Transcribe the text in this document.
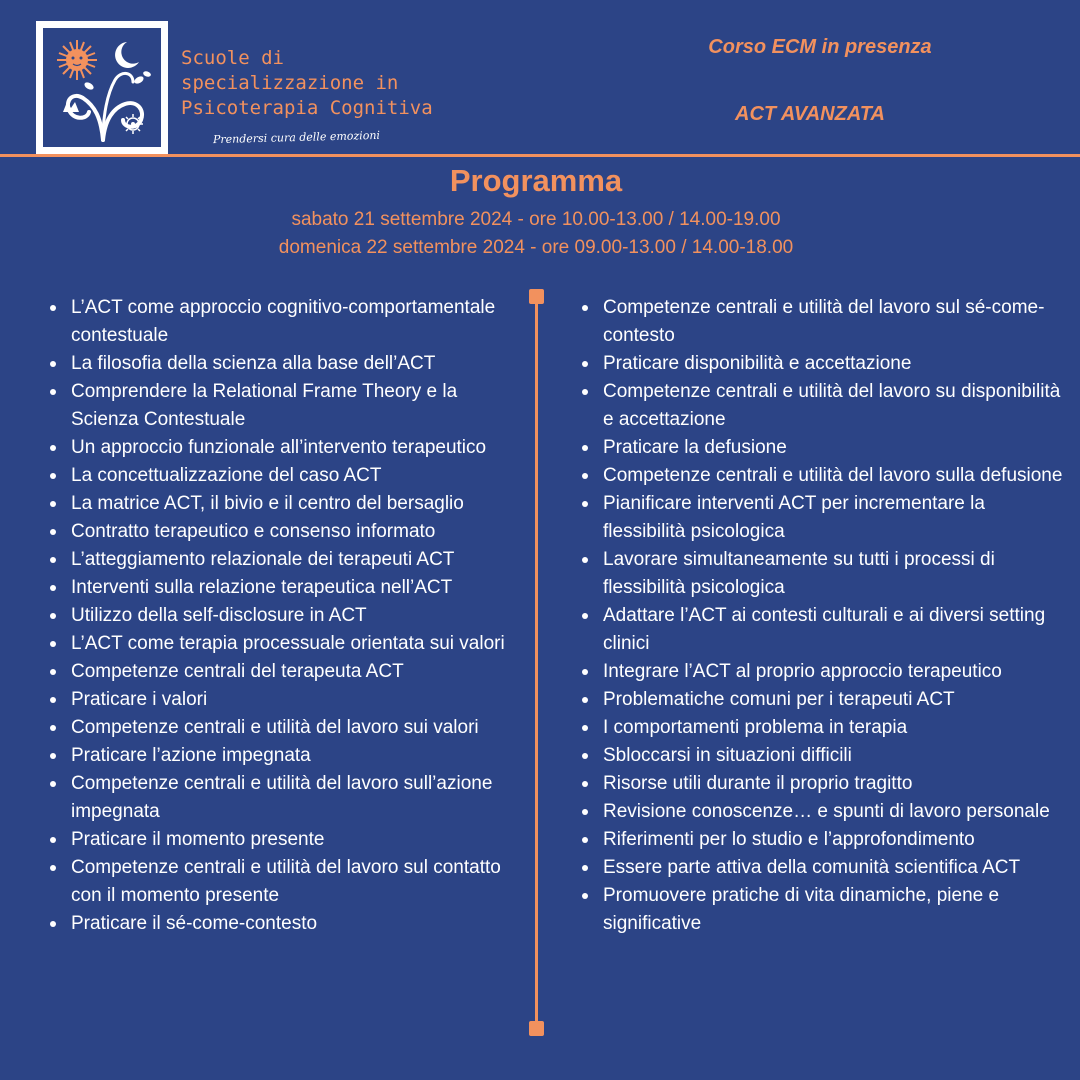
Scuole di
specializzazione in
Psicoterapia Cognitiva
Prendersi cura delle emozioni
Corso ECM in presenza
ACT AVANZATA
Programma
sabato 21 settembre 2024 - ore 10.00-13.00 / 14.00-19.00
domenica 22 settembre 2024 - ore 09.00-13.00 / 14.00-18.00
L’ACT come approccio cognitivo-comportamentale contestuale
La filosofia della scienza alla base dell’ACT
Comprendere la Relational Frame Theory e la Scienza Contestuale
Un approccio funzionale all’intervento terapeutico
La concettualizzazione del caso ACT
La matrice ACT, il bivio e il centro del bersaglio
Contratto terapeutico e consenso informato
L’atteggiamento relazionale dei terapeuti ACT
Interventi sulla relazione terapeutica nell’ACT
Utilizzo della self-disclosure in ACT
L’ACT come terapia processuale orientata sui valori
Competenze centrali del terapeuta ACT
Praticare i valori
Competenze centrali e utilità del lavoro sui valori
Praticare l’azione impegnata
Competenze centrali e utilità del lavoro sull’azione impegnata
Praticare il momento presente
Competenze centrali e utilità del lavoro sul contatto con il momento presente
Praticare il sé-come-contesto
Competenze centrali e utilità del lavoro sul sé-come-contesto
Praticare disponibilità e accettazione
Competenze centrali e utilità del lavoro su disponibilità e accettazione
Praticare la defusione
Competenze centrali e utilità del lavoro sulla defusione
Pianificare interventi ACT per incrementare la flessibilità psicologica
Lavorare simultaneamente su tutti i processi di flessibilità psicologica
Adattare l’ACT ai contesti culturali e ai diversi setting clinici
Integrare l’ACT al proprio approccio terapeutico
Problematiche comuni per i terapeuti ACT
I comportamenti problema in terapia
Sbloccarsi in situazioni difficili
Risorse utili durante il proprio tragitto
Revisione conoscenze… e spunti di lavoro personale
Riferimenti per lo studio e l’approfondimento
Essere parte attiva della comunità scientifica ACT
Promuovere pratiche di vita dinamiche, piene e significative
